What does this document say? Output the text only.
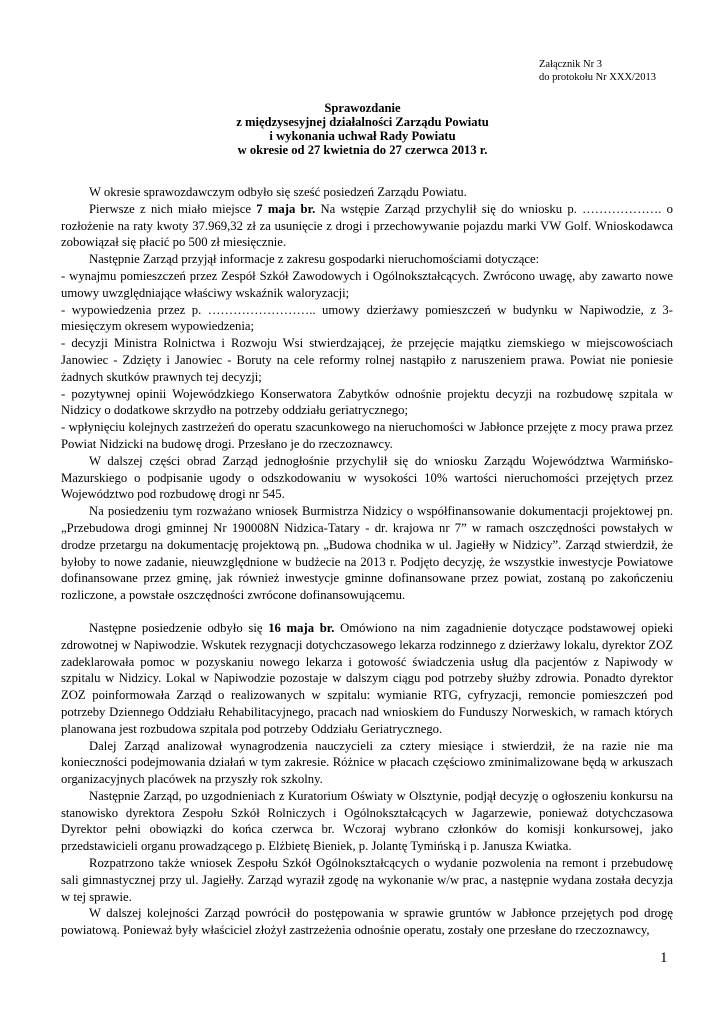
Załącznik Nr 3
do protokołu Nr XXX/2013
Sprawozdanie
z międzysesyjnej działalności Zarządu Powiatu
i wykonania uchwał Rady Powiatu
w okresie od 27 kwietnia do 27 czerwca 2013 r.

W okresie sprawozdawczym odbyło się sześć posiedzeń Zarządu Powiatu.

Pierwsze z nich miało miejsce 7 maja br. Na wstępie Zarząd przychylił się do wniosku p. ………………. o rozłożenie na raty kwoty 37.969,32 zł za usunięcie z drogi i przechowywanie pojazdu marki VW Golf. Wnioskodawca zobowiązał się płacić po 500 zł miesięcznie.

Następnie Zarząd przyjął informacje z zakresu gospodarki nieruchomościami dotyczące:

- wynajmu pomieszczeń przez Zespół Szkół Zawodowych i Ogólnokształcących. Zwrócono uwagę, aby zawarto nowe umowy uwzględniające właściwy wskaźnik waloryzacji;

- wypowiedzenia przez p. …………………….. umowy dzierżawy pomieszczeń w budynku w Napiwodzie, z 3-miesięczym okresem wypowiedzenia;

- decyzji Ministra Rolnictwa i Rozwoju Wsi stwierdzającej, że przejęcie majątku ziemskiego w miejscowościach Janowiec - Zdzięty i Janowiec - Boruty na cele reformy rolnej nastąpiło z naruszeniem prawa. Powiat nie poniesie żadnych skutków prawnych tej decyzji;

- pozytywnej opinii Wojewódzkiego Konserwatora Zabytków odnośnie projektu decyzji na rozbudowę szpitala w Nidzicy o dodatkowe skrzydło na potrzeby oddziału geriatrycznego;

- wpłynięciu kolejnych zastrzeżeń do operatu szacunkowego na nieruchomości w Jabłonce przejęte z mocy prawa przez Powiat Nidzicki na budowę drogi. Przesłano je do rzeczoznawcy.

W dalszej części obrad Zarząd jednogłośnie przychylił się do wniosku Zarządu Województwa Warmińsko-Mazurskiego o podpisanie ugody o odszkodowaniu w wysokości 10% wartości nieruchomości przejętych przez Województwo pod rozbudowę drogi nr 545.

Na posiedzeniu tym rozważano wniosek Burmistrza Nidzicy o współfinansowanie dokumentacji projektowej pn. „Przebudowa drogi gminnej Nr 190008N Nidzica-Tatary - dr. krajowa nr 7” w ramach oszczędności powstałych w drodze przetargu na dokumentację projektową pn. „Budowa chodnika w ul. Jagiełły w Nidzicy”. Zarząd stwierdził, że byłoby to nowe zadanie, nieuwzględnione w budżecie na 2013 r. Podjęto decyzję, że wszystkie inwestycje Powiatowe dofinansowane przez gminę, jak również inwestycje gminne dofinansowane przez powiat, zostaną po zakończeniu rozliczone, a powstałe oszczędności zwrócone dofinansowującemu.

Następne posiedzenie odbyło się 16 maja br. Omówiono na nim zagadnienie dotyczące podstawowej opieki zdrowotnej w Napiwodzie. Wskutek rezygnacji dotychczasowego lekarza rodzinnego z dzierżawy lokalu, dyrektor ZOZ zadeklarowała pomoc w pozyskaniu nowego lekarza i gotowość świadczenia usług dla pacjentów z Napiwody w szpitalu w Nidzicy. Lokal w Napiwodzie pozostaje w dalszym ciągu pod potrzeby służby zdrowia. Ponadto dyrektor ZOZ poinformowała Zarząd o realizowanych w szpitalu: wymianie RTG, cyfryzacji, remoncie pomieszczeń pod potrzeby Dziennego Oddziału Rehabilitacyjnego, pracach nad wnioskiem do Funduszy Norweskich, w ramach których planowana jest rozbudowa szpitala pod potrzeby Oddziału Geriatrycznego.

Dalej Zarząd analizował wynagrodzenia nauczycieli za cztery miesiące i stwierdził, że na razie nie ma konieczności podejmowania działań w tym zakresie. Różnice w płacach częściowo zminimalizowane będą w arkuszach organizacyjnych placówek na przyszły rok szkolny.

Następnie Zarząd, po uzgodnieniach z Kuratorium Oświaty w Olsztynie, podjął decyzję o ogłoszeniu konkursu na stanowisko dyrektora Zespołu Szkół Rolniczych i Ogólnokształcących w Jagarzewie, ponieważ dotychczasowa Dyrektor pełni obowiązki do końca czerwca br. Wczoraj wybrano członków do komisji konkursowej, jako przedstawicieli organu prowadzącego p. Elżbietę Bieniek, p. Jolantę Tymińską i p. Janusza Kwiatka.

Rozpatrzono także wniosek Zespołu Szkół Ogólnokształcących o wydanie pozwolenia na remont i przebudowę sali gimnastycznej przy ul. Jagiełły. Zarząd wyraził zgodę na wykonanie w/w prac, a następnie wydana została decyzja w tej sprawie.

W dalszej kolejności Zarząd powrócił do postępowania w sprawie gruntów w Jabłonce przejętych pod drogę powiatową. Ponieważ były właściciel złożył zastrzeżenia odnośnie operatu, zostały one przesłane do rzeczoznawcy,

1
